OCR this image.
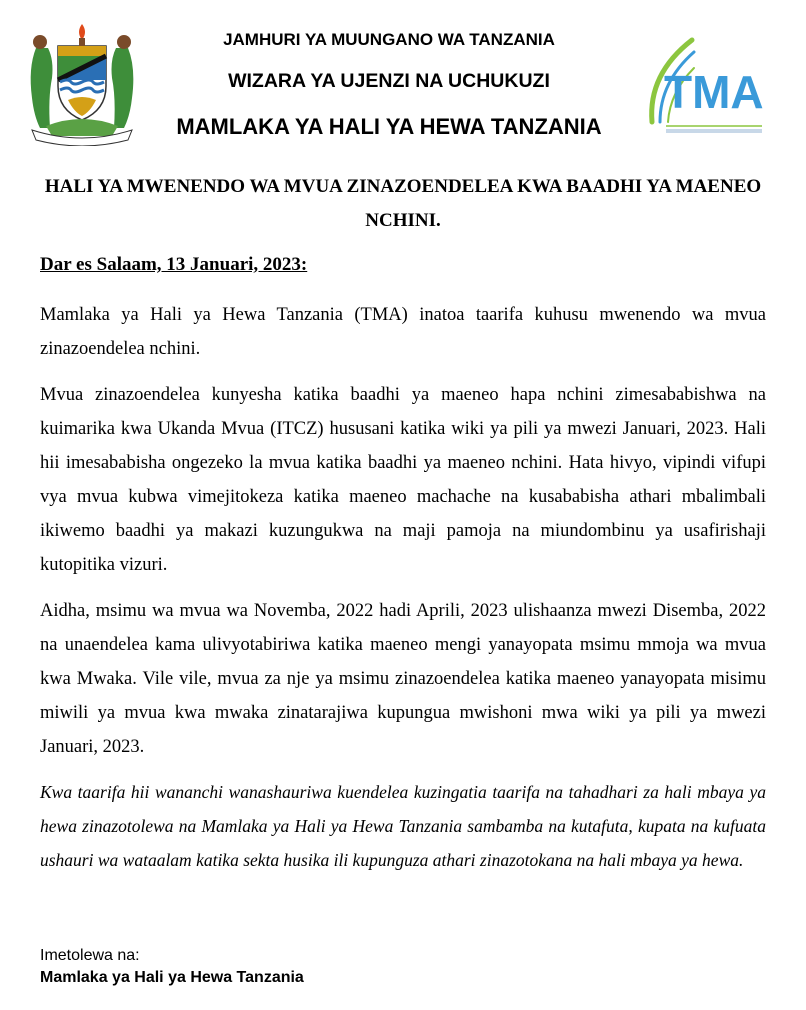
JAMHURI YA MUUNGANO WA TANZANIA
WIZARA YA UJENZI NA UCHUKUZI
MAMLAKA YA HALI YA HEWA TANZANIA
TMA
HALI YA MWENENDO WA MVUA ZINAZOENDELEA KWA BAADHI YA MAENEO NCHINI.
Dar es Salaam, 13 Januari, 2023:
Mamlaka ya Hali ya Hewa Tanzania (TMA) inatoa taarifa kuhusu mwenendo wa mvua zinazoendelea nchini.
Mvua zinazoendelea kunyesha katika baadhi ya maeneo hapa nchini zimesababishwa na kuimarika kwa Ukanda Mvua (ITCZ) hususani katika wiki ya pili ya mwezi Januari, 2023. Hali hii imesababisha ongezeko la mvua katika baadhi ya maeneo nchini. Hata hivyo, vipindi vifupi vya mvua kubwa vimejitokeza katika maeneo machache na kusababisha athari mbalimbali ikiwemo baadhi ya makazi kuzungukwa na maji pamoja na miundombinu ya usafirishaji kutopitika vizuri.
Aidha, msimu wa mvua wa Novemba, 2022 hadi Aprili, 2023 ulishaanza mwezi Disemba, 2022 na unaendelea kama ulivyotabiriwa katika maeneo mengi yanayopata msimu mmoja wa mvua kwa Mwaka. Vile vile, mvua za nje ya msimu zinazoendelea katika maeneo yanayopata misimu miwili ya mvua kwa mwaka zinatarajiwa kupungua mwishoni mwa wiki ya pili ya mwezi Januari, 2023.
Kwa taarifa hii wananchi wanashauriwa kuendelea kuzingatia taarifa na tahadhari za hali mbaya ya hewa zinazotolewa na Mamlaka ya Hali ya Hewa Tanzania sambamba na kutafuta, kupata na kufuata ushauri wa wataalam katika sekta husika ili kupunguza athari zinazotokana na hali mbaya ya hewa.
Imetolewa na:
Mamlaka ya Hali ya Hewa Tanzania
